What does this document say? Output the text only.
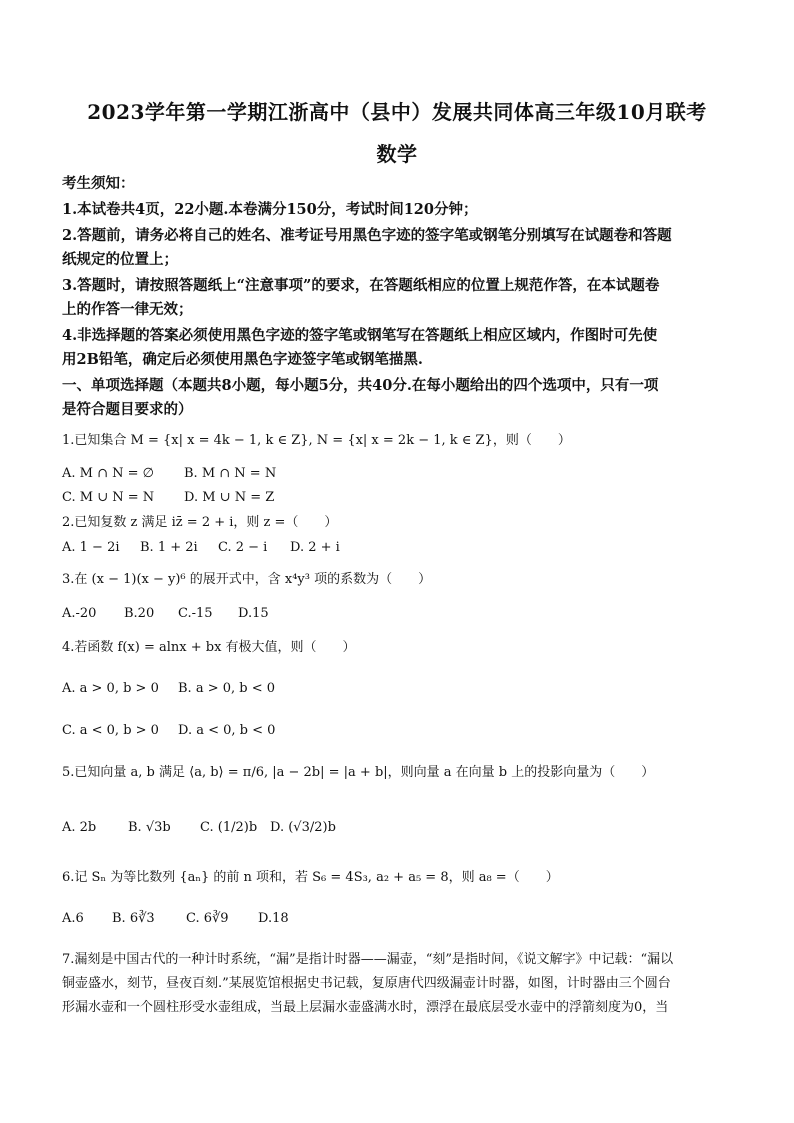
2023学年第一学期江浙高中（县中）发展共同体高三年级10月联考
数学
考生须知：
1.本试卷共4页，22小题.本卷满分150分，考试时间120分钟；
2.答题前，请务必将自己的姓名、准考证号用黑色字迹的签字笔或钢笔分别填写在试题卷和答题
纸规定的位置上；
3.答题时，请按照答题纸上“注意事项”的要求，在答题纸相应的位置上规范作答，在本试题卷
上的作答一律无效；
4.非选择题的答案必须使用黑色字迹的签字笔或钢笔写在答题纸上相应区域内，作图时可先使
用2B铅笔，确定后必须使用黑色字迹签字笔或钢笔描黑.
一、单项选择题（本题共8小题，每小题5分，共40分.在每小题给出的四个选项中，只有一项
是符合题目要求的）
1.已知集合 M = {x| x = 4k − 1, k ∈ Z}, N = {x| x = 2k − 1, k ∈ Z}，则（　　）
A. M ∩ N = ∅ B. M ∩ N = N
C. M ∪ N = N D. M ∪ N = Z
2.已知复数 z 满足 iz̄ = 2 + i，则 z =（　　）
A. 1 − 2i B. 1 + 2i C. 2 − i D. 2 + i
3.在 (x − 1)(x − y)⁶ 的展开式中，含 x⁴y³ 项的系数为（　　）
A.-20 B.20 C.-15 D.15
4.若函数 f(x) = alnx + bx 有极大值，则（　　）
A. a > 0, b > 0 B. a > 0, b < 0
C. a < 0, b > 0 D. a < 0, b < 0
5.已知向量 a, b 满足 ⟨a, b⟩ = π/6, |a − 2b| = |a + b|，则向量 a 在向量 b 上的投影向量为（　　）
A. 2b B. √3b C. (1/2)b D. (√3/2)b
6.记 Sₙ 为等比数列 {aₙ} 的前 n 项和，若 S₆ = 4S₃, a₂ + a₅ = 8，则 a₈ =（　　）
A.6 B. 6∛3 C. 6∛9 D.18
7.漏刻是中国古代的一种计时系统，“漏”是指计时器——漏壶，“刻”是指时间，《说文解字》中记载：“漏以
铜壶盛水，刻节，昼夜百刻.”某展览馆根据史书记载，复原唐代四级漏壶计时器，如图，计时器由三个圆台
形漏水壶和一个圆柱形受水壶组成，当最上层漏水壶盛满水时，漂浮在最底层受水壶中的浮箭刻度为0，当
